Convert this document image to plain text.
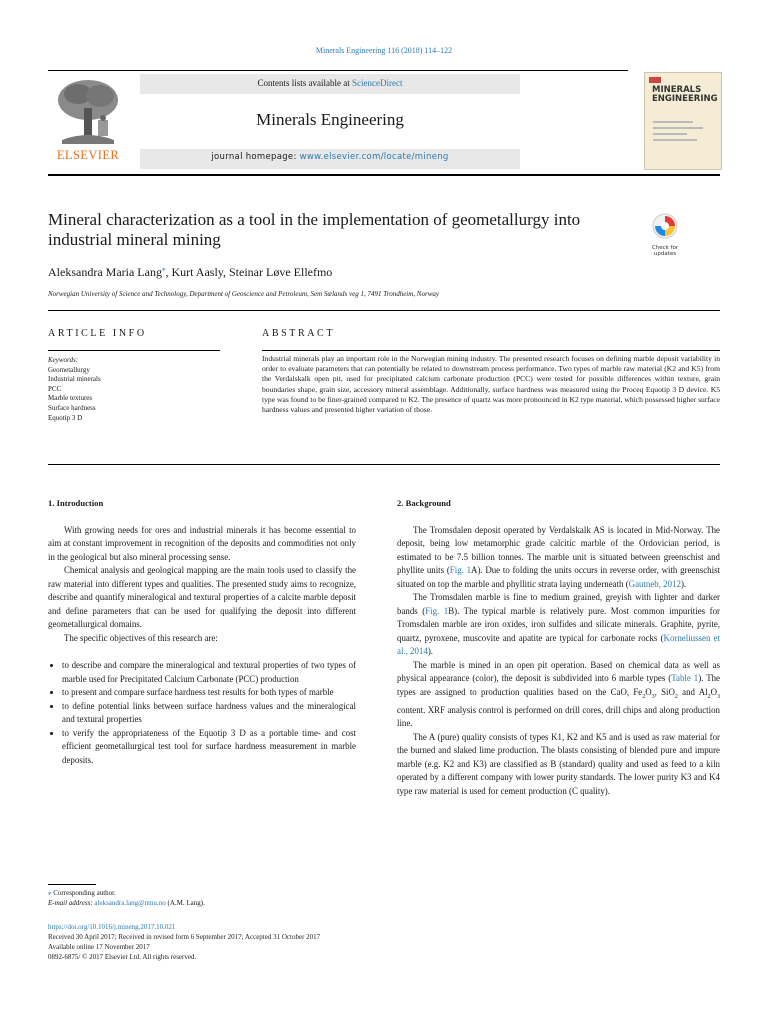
Minerals Engineering 116 (2018) 114–122
Contents lists available at ScienceDirect
Minerals Engineering
journal homepage: www.elsevier.com/locate/mineng
ELSEVIER
MINERALS ENGINEERING
Mineral characterization as a tool in the implementation of geometallurgy into industrial mineral mining	Check for updates
Aleksandra Maria Lang⁎, Kurt Aasly, Steinar Løve Ellefmo
Norwegian University of Science and Technology, Department of Geoscience and Petroleum, Sem Sælands veg 1, 7491 Trondheim, Norway
ARTICLE INFO	ABSTRACT
Keywords:
Geometallurgy
Industrial minerals
PCC
Marble textures
Surface hardness
Equotip 3 D
Industrial minerals play an important role in the Norwegian mining industry. The presented research focuses on defining marble deposit variability in order to evaluate parameters that can potentially be related to downstream process performance. Two types of marble raw material (K2 and K5) from the Verdalskalk open pit, used for precipitated calcium carbonate production (PCC) were tested for possible differences within texture, grain boundaries shape, grain size, accessory mineral assemblage. Additionally, surface hardness was measured using the Proceq Equotip 3 D device. K5 type was found to be finer-grained compared to K2. The presence of quartz was more pronounced in K2 type material, which possessed higher surface hardness values and presented higher variation of those.
1. Introduction

With growing needs for ores and industrial minerals it has become essential to aim at constant improvement in recognition of the deposits and commodities not only in the geological but also mineral processing sense.

Chemical analysis and geological mapping are the main tools used to classify the raw material into different types and qualities. The presented study aims to recognize, describe and quantify mineralogical and textural properties of a calcite marble deposit and define parameters that can be used for qualifying the deposit into different geometallurgical domains.

The specific objectives of this research are:

• to describe and compare the mineralogical and textural properties of two types of marble used for Precipitated Calcium Carbonate (PCC) production
• to present and compare surface hardness test results for both types of marble
• to define potential links between surface hardness values and the mineralogical and textural properties
• to verify the appropriateness of the Equotip 3 D as a portable time- and cost efficient geometallurgical test tool for surface hardness measurement in marble deposits.
2. Background

The Tromsdalen deposit operated by Verdalskalk AS is located in Mid-Norway. The deposit, being low metamorphic grade calcitic marble of the Ordovician period, is estimated to be 7.5 billion tonnes. The marble unit is situated between greenschist and phyllite units (Fig. 1A). Due to folding the units occurs in reverse order, with greenschist situated on top the marble and phyllitic strata laying underneath (Gautneb, 2012).

The Tromsdalen marble is fine to medium grained, greyish with lighter and darker bands (Fig. 1B). The typical marble is relatively pure. Most common impurities for Tromsdalen marble are iron oxides, iron sulfides and silicate minerals. Graphite, pyrite, quartz, pyroxene, muscovite and apatite are typical for carbonate rocks (Korneliussen et al., 2014).

The marble is mined in an open pit operation. Based on chemical data as well as physical appearance (color), the deposit is subdivided into 6 marble types (Table 1). The types are assigned to production qualities based on the CaO, $Fe_2O_3$, SiO$_2$ and $Al_2O_3$ content. XRF analysis control is performed on drill cores, drill chips and along production line.

The A (pure) quality consists of types K1, K2 and K5 and is used as raw material for the burned and slaked lime production. The blasts consisting of blended pure and impure marble (e.g. K2 and K3) are classified as B (standard) quality and used as feed to a kiln operated by a different company with lower purity standards. The lower purity K3 and K4 type raw material is used for cement production (C quality).

⁎ Corresponding author.
E-mail address: aleksandra.lang@ntnu.no (A.M. Lang).
https://doi.org/10.1016/j.mineng.2017.10.021
Received 30 April 2017; Received in revised form 6 September 2017; Accepted 31 October 2017
Available online 17 November 2017
0892-6875/ © 2017 Elsevier Ltd. All rights reserved.
